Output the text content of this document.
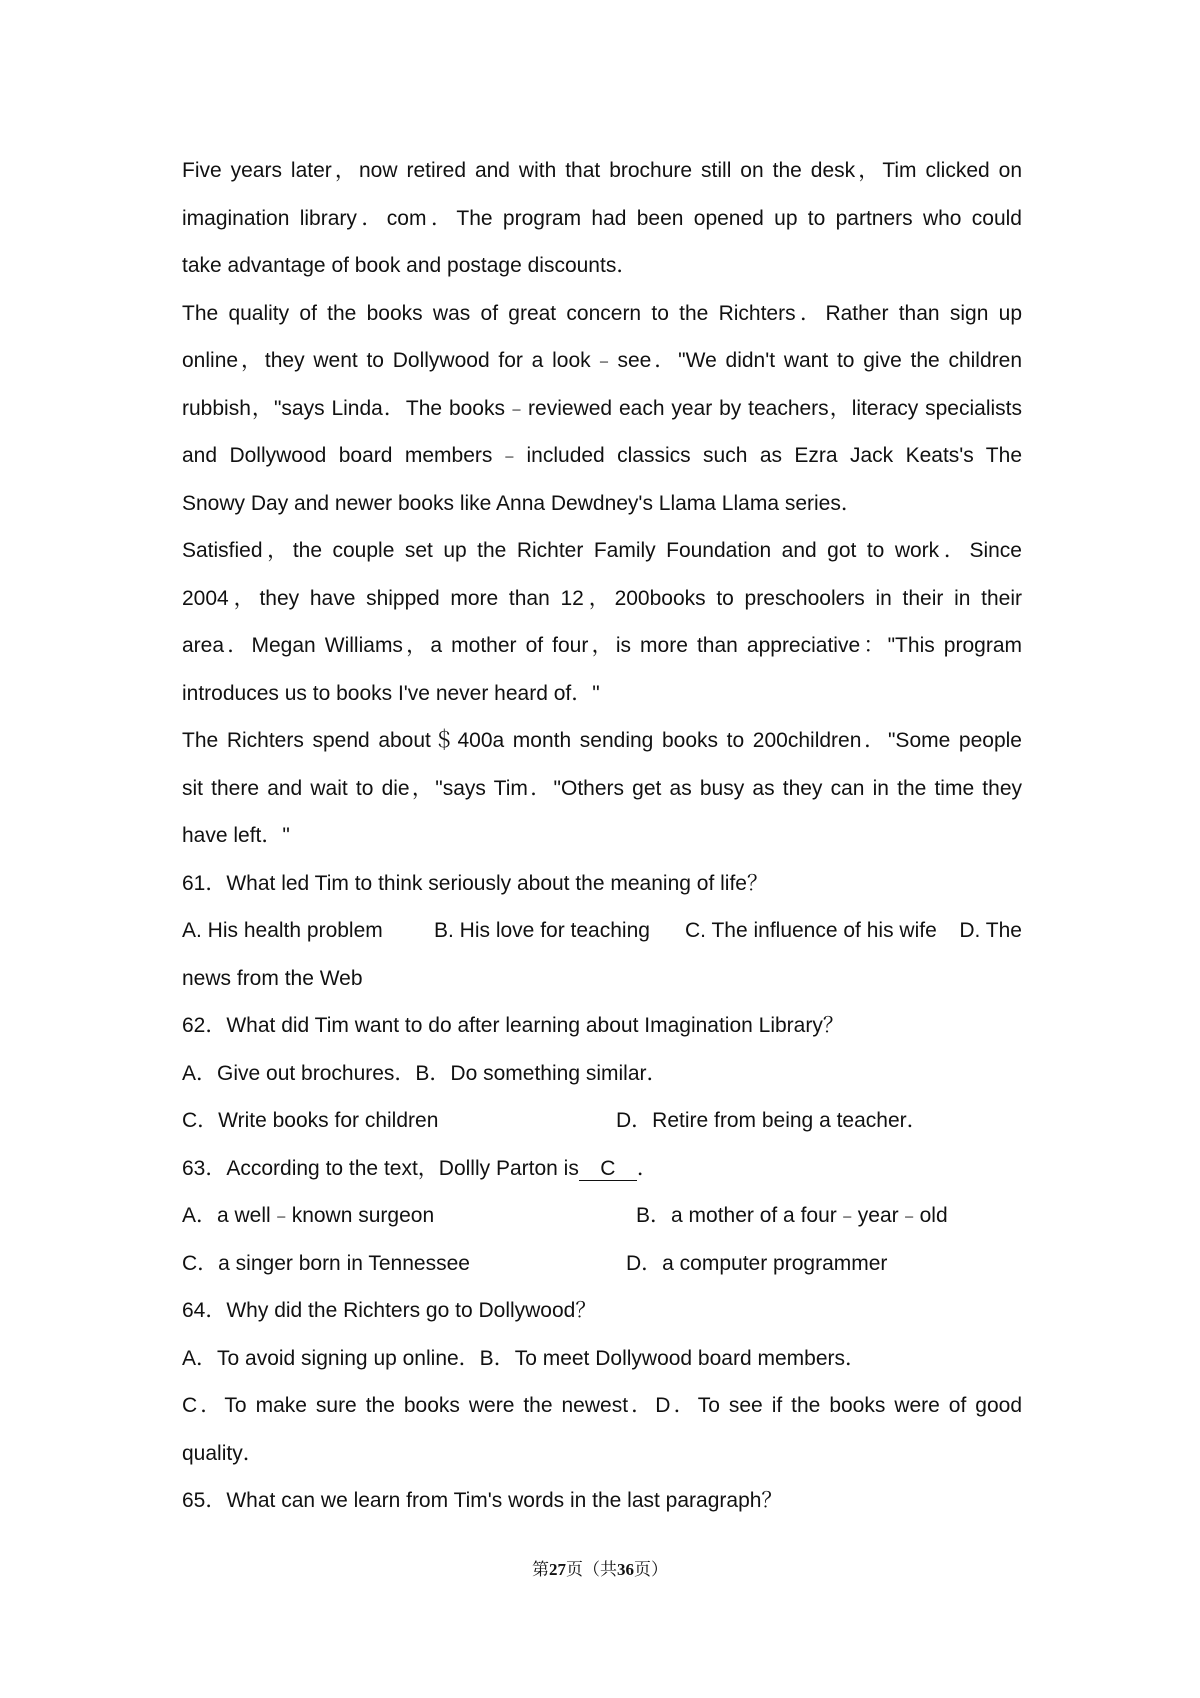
Five years later，now retired and with that brochure still on the desk，Tim clicked on
imagination library．com．The program had been opened up to partners who could
take advantage of book and postage discounts．
The quality of the books was of great concern to the Richters．Rather than sign up
online，they went to Dollywood for a look﹣see．"We didn't want to give the children
rubbish，"says Linda．The books﹣reviewed each year by teachers，literacy specialists
and Dollywood board members﹣included classics such as Ezra Jack Keats's The
Snowy Day and newer books like Anna Dewdney's Llama Llama series．
Satisfied，the couple set up the Richter Family Foundation and got to work．Since
2004，they have shipped more than 12，200books to preschoolers in their in their
area．Megan Williams，a mother of four，is more than appreciative："This program
introduces us to books I've never heard of．"
The Richters spend about＄400a month sending books to 200children．"Some people
sit there and wait to die，"says Tim．"Others get as busy as they can in the time they
have left．"
61．What led Tim to think seriously about the meaning of life？
A. His health problem B. His love for teaching C. The influence of his wife D. The
news from the Web
62．What did Tim want to do after learning about Imagination Library？
A．Give out brochures．B．Do something similar．
C．Write books for children	D．Retire from being a teacher．
63．According to the text，Dollly Parton is C ．
A．a well﹣known surgeon	B．a mother of a four﹣year﹣old
C．a singer born in Tennessee	D．a computer programmer
64．Why did the Richters go to Dollywood？
A．To avoid signing up online．B．To meet Dollywood board members．
C．To make sure the books were the newest．D．To see if the books were of good
quality．
65．What can we learn from Tim's words in the last paragraph？
第27页（共36页）
